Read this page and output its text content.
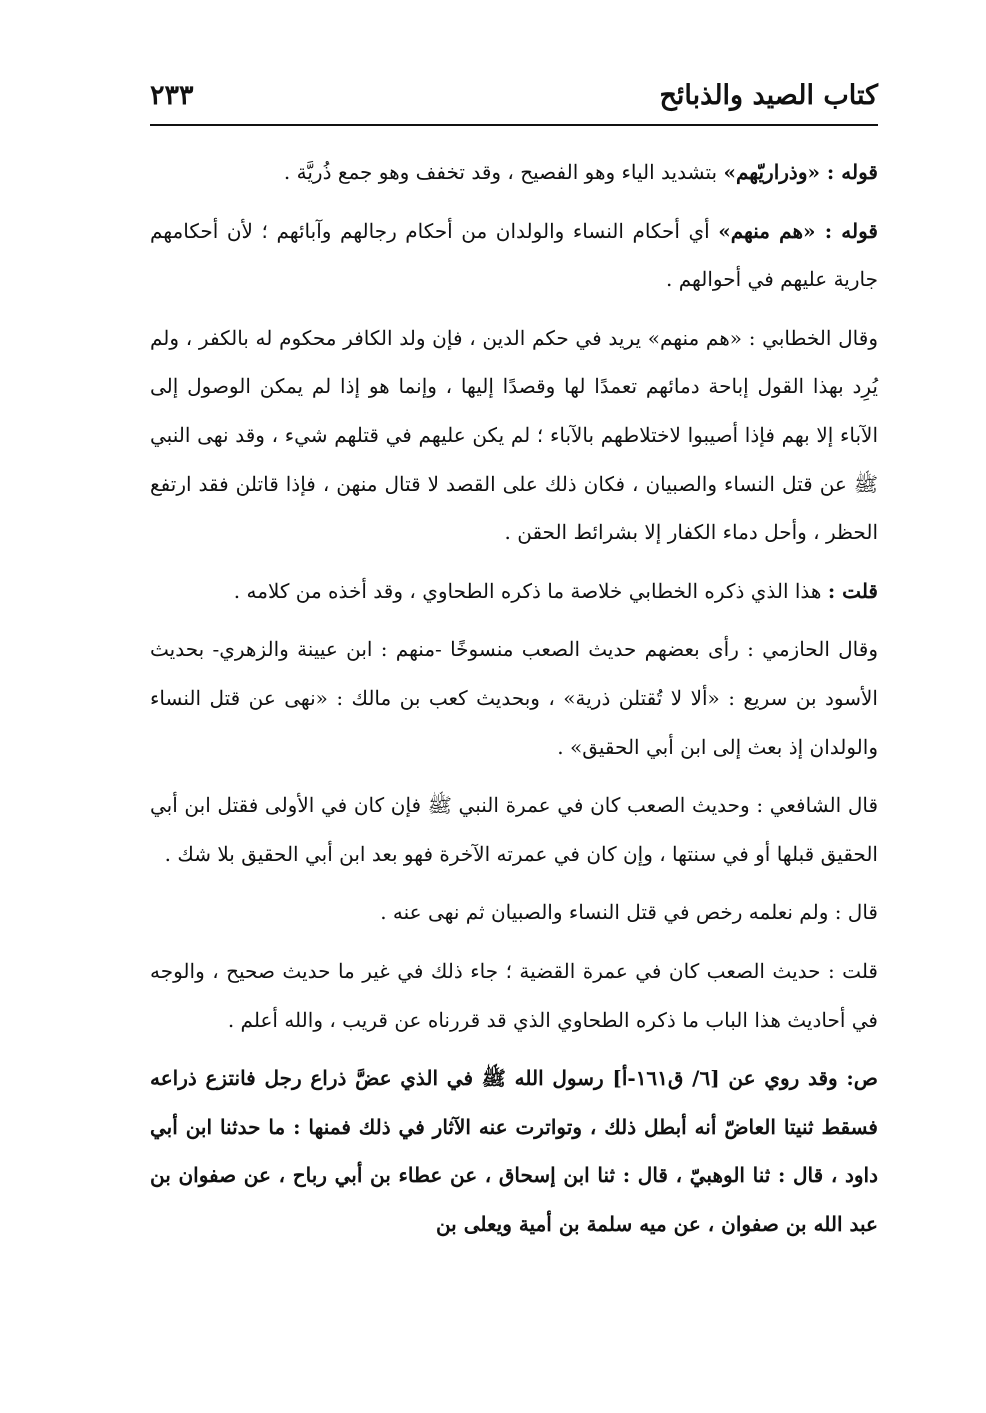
كتاب الصيد والذبائح
٢٣٣

قوله : «وذراريّهم» بتشديد الياء وهو الفصيح ، وقد تخفف وهو جمع ذُريَّة .

قوله : «هم منهم» أي أحكام النساء والولدان من أحكام رجالهم وآبائهم ؛ لأن أحكامهم جارية عليهم في أحوالهم .

وقال الخطابي : «هم منهم» يريد في حكم الدين ، فإن ولد الكافر محكوم له بالكفر ، ولم يُرِد بهذا القول إباحة دمائهم تعمدًا لها وقصدًا إليها ، وإنما هو إذا لم يمكن الوصول إلى الآباء إلا بهم فإذا أصيبوا لاختلاطهم بالآباء ؛ لم يكن عليهم في قتلهم شيء ، وقد نهى النبي ﷺ عن قتل النساء والصبيان ، فكان ذلك على القصد لا قتال منهن ، فإذا قاتلن فقد ارتفع الحظر ، وأحل دماء الكفار إلا بشرائط الحقن .

قلت : هذا الذي ذكره الخطابي خلاصة ما ذكره الطحاوي ، وقد أخذه من كلامه .

وقال الحازمي : رأى بعضهم حديث الصعب منسوخًا -منهم : ابن عيينة والزهري- بحديث الأسود بن سريع : «ألا لا تُقتلن ذرية» ، وبحديث كعب بن مالك : «نهى عن قتل النساء والولدان إذ بعث إلى ابن أبي الحقيق» .

قال الشافعي : وحديث الصعب كان في عمرة النبي ﷺ فإن كان في الأولى فقتل ابن أبي الحقيق قبلها أو في سنتها ، وإن كان في عمرته الآخرة فهو بعد ابن أبي الحقيق بلا شك .

قال : ولم نعلمه رخص في قتل النساء والصبيان ثم نهى عنه .

قلت : حديث الصعب كان في عمرة القضية ؛ جاء ذلك في غير ما حديث صحيح ، والوجه في أحاديث هذا الباب ما ذكره الطحاوي الذي قد قررناه عن قريب ، والله أعلم .

ص: وقد روي عن [٦/ ق١٦١-أ] رسول الله ﷺ في الذي عضَّ ذراع رجل فانتزع ذراعه فسقط ثنيتا العاضّ أنه أبطل ذلك ، وتواترت عنه الآثار في ذلك فمنها : ما حدثنا ابن أبي داود ، قال : ثنا الوهبيّ ، قال : ثنا ابن إسحاق ، عن عطاء بن أبي رباح ، عن صفوان بن عبد الله بن صفوان ، عن ميه سلمة بن أمية ويعلى بن
